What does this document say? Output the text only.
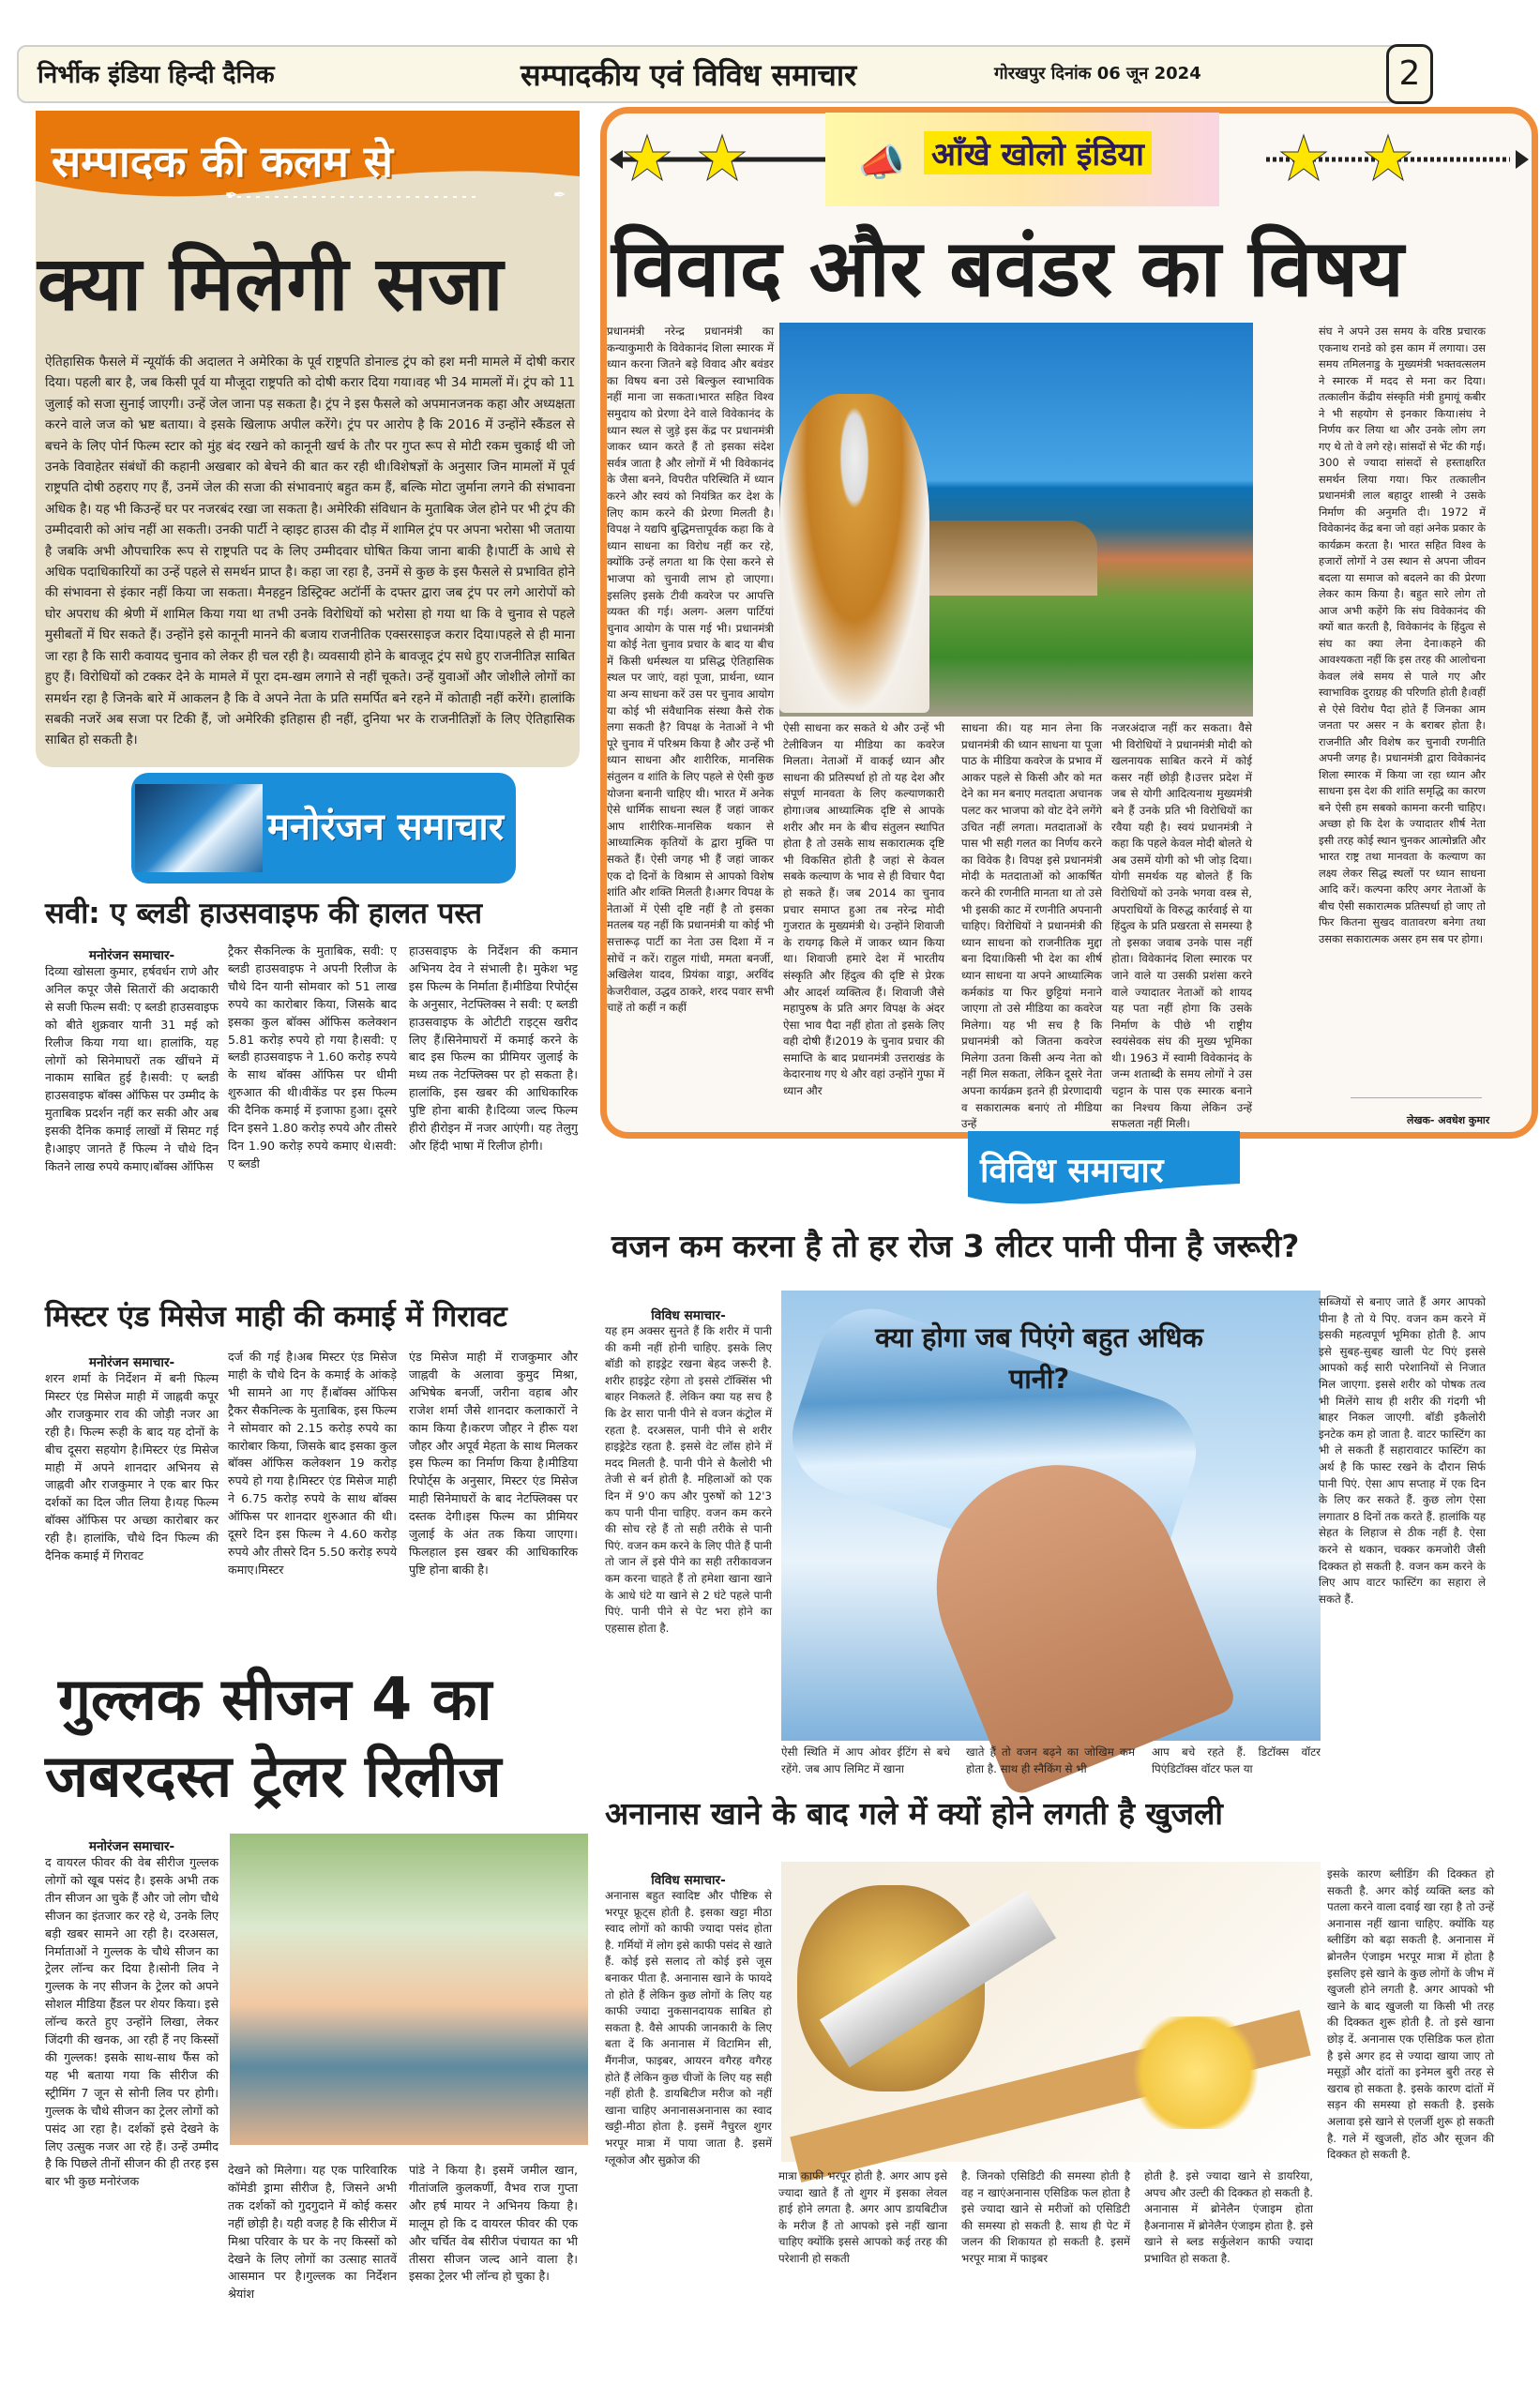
निर्भीक इंडिया हिन्दी दैनिक	सम्पादकीय एवं विविध समाचार	गोरखपुर दिनांक 06 जून 2024	2
✒	✒
सम्पादक की कलम से
क्या मिलेगी सजा
ऐतिहासिक फैसले में न्यूयॉर्क की अदालत ने अमेरिका के पूर्व राष्ट्रपति डोनाल्ड ट्रंप को हश मनी मामले में दोषी करार दिया। पहली बार है, जब किसी पूर्व या मौजूदा राष्ट्रपति को दोषी करार दिया गया।वह भी 34 मामलों में। ट्रंप को 11 जुलाई को सजा सुनाई जाएगी। उन्हें जेल जाना पड़ सकता है। ट्रंप ने इस फैसले को अपमानजनक कहा और अध्यक्षता करने वाले जज को भ्रष्ट बताया। वे इसके खिलाफ अपील करेंगे। ट्रंप पर आरोप है कि 2016 में उन्होंने स्कैंडल से बचने के लिए पोर्न फिल्म स्टार को मुंह बंद रखने को कानूनी खर्च के तौर पर गुप्त रूप से मोटी रकम चुकाई थी जो उनके विवाहेतर संबंधों की कहानी अखबार को बेचने की बात कर रही थी।विशेषज्ञों के अनुसार जिन मामलों में पूर्व राष्ट्रपति दोषी ठहराए गए हैं, उनमें जेल की सजा की संभावनाएं बहुत कम हैं, बल्कि मोटा जुर्माना लगने की संभावना अधिक है। यह भी किउन्हें घर पर नजरबंद रखा जा सकता है। अमेरिकी संविधान के मुताबिक जेल होने पर भी ट्रंप की उम्मीदवारी को आंच नहीं आ सकती। उनकी पार्टी ने व्हाइट हाउस की दौड़ में शामिल ट्रंप पर अपना भरोसा भी जताया है जबकि अभी औपचारिक रूप से राष्ट्रपति पद के लिए उम्मीदवार घोषित किया जाना बाकी है।पार्टी के आधे से अधिक पदाधिकारियों का उन्हें पहले से समर्थन प्राप्त है। कहा जा रहा है, उनमें से कुछ के इस फैसले से प्रभावित होने की संभावना से इंकार नहीं किया जा सकता। मैनहट्टन डिस्ट्रिक्ट अटॉर्नी के दफ्तर द्वारा जब ट्रंप पर लगे आरोपों को घोर अपराध की श्रेणी में शामिल किया गया था तभी उनके विरोधियों को भरोसा हो गया था कि वे चुनाव से पहले मुसीबतों में घिर सकते हैं। उन्होंने इसे कानूनी मानने की बजाय राजनीतिक एक्सरसाइज करार दिया।पहले से ही माना जा रहा है कि सारी कवायद चुनाव को लेकर ही चल रही है। व्यवसायी होने के बावजूद ट्रंप सधे हुए राजनीतिज्ञ साबित हुए हैं। विरोधियों को टक्कर देने के मामले में पूरा दम-खम लगाने से नहीं चूकते। उन्हें युवाओं और जोशीले लोगों का समर्थन रहा है जिनके बारे में आकलन है कि वे अपने नेता के प्रति समर्पित बने रहने में कोताही नहीं करेंगे। हालांकि सबकी नजरें अब सजा पर टिकी हैं, जो अमेरिकी इतिहास ही नहीं, दुनिया भर के राजनीतिज्ञों के लिए ऐतिहासिक साबित हो सकती है।
मनोरंजन समाचार
सवी: ए ब्लडी हाउसवाइफ की हालत पस्त
मनोरंजन समाचार-
दिव्या खोसला कुमार, हर्षवर्धन राणे और अनिल कपूर जैसे सितारों की अदाकारी से सजी फिल्म सवी: ए ब्लडी हाउसवाइफ को बीते शुक्रवार यानी 31 मई को रिलीज किया गया था। हालांकि, यह लोगों को सिनेमाघरों तक खींचने में नाकाम साबित हुई है।सवी: ए ब्लडी हाउसवाइफ बॉक्स ऑफिस पर उम्मीद के मुताबिक प्रदर्शन नहीं कर सकी और अब इसकी दैनिक कमाई लाखों में सिमट गई है।आइए जानते हैं फिल्म ने चौथे दिन कितने लाख रुपये कमाए।बॉक्स ऑफिस
ट्रैकर सैकनिल्क के मुताबिक, सवी: ए ब्लडी हाउसवाइफ ने अपनी रिलीज के चौथे दिन यानी सोमवार को 51 लाख रुपये का कारोबार किया, जिसके बाद इसका कुल बॉक्स ऑफिस कलेक्शन 5.81 करोड़ रुपये हो गया है।सवी: ए ब्लडी हाउसवाइफ ने 1.60 करोड़ रुपये के साथ बॉक्स ऑफिस पर धीमी शुरुआत की थी।वीकेंड पर इस फिल्म की दैनिक कमाई में इजाफा हुआ। दूसरे दिन इसने 1.80 करोड़ रुपये और तीसरे दिन 1.90 करोड़ रुपये कमाए थे।सवी: ए ब्लडी
हाउसवाइफ के निर्देशन की कमान अभिनय देव ने संभाली है। मुकेश भट्ट इस फिल्म के निर्माता हैं।मीडिया रिपोर्ट्स के अनुसार, नेटफ्लिक्स ने सवी: ए ब्लडी हाउसवाइफ के ओटीटी राइट्स खरीद लिए हैं।सिनेमाघरों में कमाई करने के बाद इस फिल्म का प्रीमियर जुलाई के मध्य तक नेटफ्लिक्स पर हो सकता है। हालांकि, इस खबर की आधिकारिक पुष्टि होना बाकी है।दिव्या जल्द फिल्म हीरो हीरोइन में नजर आएंगी। यह तेलुगु और हिंदी भाषा में रिलीज होगी।
मिस्टर एंड मिसेज माही की कमाई में गिरावट
मनोरंजन समाचार-
शरन शर्मा के निर्देशन में बनी फिल्म मिस्टर एंड मिसेज माही में जाह्नवी कपूर और राजकुमार राव की जोड़ी नजर आ रही है। फिल्म रूही के बाद यह दोनों के बीच दूसरा सहयोग है।मिस्टर एंड मिसेज माही में अपने शानदार अभिनय से जाह्नवी और राजकुमार ने एक बार फिर दर्शकों का दिल जीत लिया है।यह फिल्म बॉक्स ऑफिस पर अच्छा कारोबार कर रही है। हालांकि, चौथे दिन फिल्म की दैनिक कमाई में गिरावट
दर्ज की गई है।अब मिस्टर एंड मिसेज माही के चौथे दिन के कमाई के आंकड़े भी सामने आ गए हैं।बॉक्स ऑफिस ट्रैकर सैकनिल्क के मुताबिक, इस फिल्म ने सोमवार को 2.15 करोड़ रुपये का कारोबार किया, जिसके बाद इसका कुल बॉक्स ऑफिस कलेक्शन 19 करोड़ रुपये हो गया है।मिस्टर एंड मिसेज माही ने 6.75 करोड़ रुपये के साथ बॉक्स ऑफिस पर शानदार शुरुआत की थी।दूसरे दिन इस फिल्म ने 4.60 करोड़ रुपये और तीसरे दिन 5.50 करोड़ रुपये कमाए।मिस्टर
एंड मिसेज माही में राजकुमार और जाह्नवी के अलावा कुमुद मिश्रा, अभिषेक बनर्जी, जरीना वहाब और राजेश शर्मा जैसे शानदार कलाकारों ने काम किया है।करण जौहर ने हीरू यश जौहर और अपूर्व मेहता के साथ मिलकर इस फिल्म का निर्माण किया है।मीडिया रिपोर्ट्स के अनुसार, मिस्टर एंड मिसेज माही सिनेमाघरों के बाद नेटफ्लिक्स पर दस्तक देगी।इस फिल्म का प्रीमियर जुलाई के अंत तक किया जाएगा। फिलहाल इस खबर की आधिकारिक पुष्टि होना बाकी है।
गुल्लक सीजन 4 का
जबरदस्त ट्रेलर रिलीज
मनोरंजन समाचार-
द वायरल फीवर की वेब सीरीज गुल्लक लोगों को खूब पसंद है। इसके अभी तक तीन सीजन आ चुके हैं और जो लोग चौथे सीजन का इंतजार कर रहे थे, उनके लिए बड़ी खबर सामने आ रही है। दरअसल, निर्माताओं ने गुल्लक के चौथे सीजन का ट्रेलर लॉन्च कर दिया है।सोनी लिव ने गुल्लक के नए सीजन के ट्रेलर को अपने सोशल मीडिया हैंडल पर शेयर किया। इसे लॉन्च करते हुए उन्होंने लिखा, लेकर जिंदगी की खनक, आ रही हैं नए किस्सों की गुल्लक! इसके साथ-साथ फैंस को यह भी बताया गया कि सीरीज की स्ट्रीमिंग 7 जून से सोनी लिव पर होगी।गुल्लक के चौथे सीजन का ट्रेलर लोगों को पसंद आ रहा है। दर्शकों इसे देखने के लिए उत्सुक नजर आ रहे हैं। उन्हें उम्मीद है कि पिछले तीनों सीजन की ही तरह इस बार भी कुछ मनोरंजक
देखने को मिलेगा। यह एक पारिवारिक कॉमेडी ड्रामा सीरीज है, जिसने अभी तक दर्शकों को गुदगुदाने में कोई कसर नहीं छोड़ी है। यही वजह है कि सीरीज में मिश्रा परिवार के घर के नए किस्सों को देखने के लिए लोगों का उत्साह सातवें आसमान पर है।गुल्लक का निर्देशन श्रेयांश
पांडे ने किया है। इसमें जमील खान, गीतांजलि कुलकर्णी, वैभव राज गुप्ता और हर्ष मायर ने अभिनय किया है। मालूम हो कि द वायरल फीवर की एक और चर्चित वेब सीरीज पंचायत का भी तीसरा सीजन जल्द आने वाला है। इसका ट्रेलर भी लॉन्च हो चुका है।
📣 आँखे खोलो इंडिया
विवाद और बवंडर का विषय
प्रधानमंत्री नरेन्द्र प्रधानमंत्री का कन्याकुमारी के विवेकानंद शिला स्मारक में ध्यान करना जितने बड़े विवाद और बवंडर का विषय बना उसे बिल्कुल स्वाभाविक नहीं माना जा सकता।भारत सहित विश्व समुदाय को प्रेरणा देने वाले विवेकानंद के ध्यान स्थल से जुड़े इस केंद्र पर प्रधानमंत्री जाकर ध्यान करते हैं तो इसका संदेश सर्वत्र जाता है और लोगों में भी विवेकानंद के जैसा बनने, विपरीत परिस्थिति में ध्यान करने और स्वयं को नियंत्रित कर देश के लिए काम करने की प्रेरणा मिलती है।विपक्ष ने यद्यपि बुद्धिमत्तापूर्वक कहा कि वे ध्यान साधना का विरोध नहीं कर रहे, क्योंकि उन्हें लगता था कि ऐसा करने से भाजपा को चुनावी लाभ हो जाएगा। इसलिए इसके टीवी कवरेज पर आपत्ति व्यक्त की गई। अलग- अलग पार्टियां चुनाव आयोग के पास गई भी। प्रधानमंत्री या कोई नेता चुनाव प्रचार के बाद या बीच में किसी धर्मस्थल या प्रसिद्ध ऐतिहासिक स्थल पर जाएं, वहां पूजा, प्रार्थना, ध्यान या अन्य साधना करें उस पर चुनाव आयोग या कोई भी संवैधानिक संस्था कैसे रोक लगा सकती है? विपक्ष के नेताओं ने भी पूरे चुनाव में परिश्रम किया है और उन्हें भी ध्यान साधना और शारीरिक, मानसिक संतुलन व शांति के लिए पहले से ऐसी कुछ योजना बनानी चाहिए थी। भारत में अनेक ऐसे धार्मिक साधना स्थल हैं जहां जाकर आप शारीरिक-मानसिक थकान से आध्यात्मिक कृतियों के द्वारा मुक्ति पा सकते हैं। ऐसी जगह भी हैं जहां जाकर एक दो दिनों के विश्राम से आपको विशेष शांति और शक्ति मिलती है।अगर विपक्ष के नेताओं में ऐसी दृष्टि नहीं है तो इसका मतलब यह नहीं कि प्रधानमंत्री या कोई भी सत्तारूढ़ पार्टी का नेता उस दिशा में न सोचें न करें। राहुल गांधी, ममता बनर्जी, अखिलेश यादव, प्रियंका वाड्रा, अरविंद केजरीवाल, उद्धव ठाकरे, शरद पवार सभी चाहें तो कहीं न कहीं
ऐसी साधना कर सकते थे और उन्हें भी टेलीविजन या मीडिया का कवरेज मिलता। नेताओं में वाकई ध्यान और साधना की प्रतिस्पर्धा हो तो यह देश और संपूर्ण मानवता के लिए कल्याणकारी होगा।जब आध्यात्मिक दृष्टि से आपके शरीर और मन के बीच संतुलन स्थापित होता है तो उसके साथ सकारात्मक दृष्टि भी विकसित होती है जहां से केवल सबके कल्याण के भाव से ही विचार पैदा हो सकते हैं। जब 2014 का चुनाव प्रचार समाप्त हुआ तब नरेन्द्र मोदी गुजरात के मुख्यमंत्री थे। उन्होंने शिवाजी के रायगढ़ किले में जाकर ध्यान किया था। शिवाजी हमारे देश में भारतीय संस्कृति और हिंदुत्व की दृष्टि से प्रेरक और आदर्श व्यक्तित्व हैं। शिवाजी जैसे महापुरुष के प्रति अगर विपक्ष के अंदर ऐसा भाव पैदा नहीं होता तो इसके लिए वही दोषी हैं।2019 के चुनाव प्रचार की समाप्ति के बाद प्रधानमंत्री उत्तराखंड के केदारनाथ गए थे और वहां उन्होंने गुफा में ध्यान और
साधना की। यह मान लेना कि प्रधानमंत्री की ध्यान साधना या पूजा पाठ के मीडिया कवरेज के प्रभाव में आकर पहले से किसी और को मत देने का मन बनाए मतदाता अचानक पलट कर भाजपा को वोट देने लगेंगे उचित नहीं लगता। मतदाताओं के पास भी सही गलत का निर्णय करने का विवेक है। विपक्ष इसे प्रधानमंत्री मोदी के मतदाताओं को आकर्षित करने की रणनीति मानता था तो उसे भी इसकी काट में रणनीति अपनानी चाहिए। विरोधियों ने प्रधानमंत्री की ध्यान साधना को राजनीतिक मुद्दा बना दिया।किसी भी देश का शीर्ष ध्यान साधना या अपने आध्यात्मिक कर्मकांड या फिर छुट्टियां मनाने जाएगा तो उसे मीडिया का कवरेज मिलेगा। यह भी सच है कि प्रधानमंत्री को जितना कवरेज मिलेगा उतना किसी अन्य नेता को नहीं मिल सकता, लेकिन दूसरे नेता अपना कार्यक्रम इतने ही प्रेरणादायी व सकारात्मक बनाएं तो मीडिया उन्हें
नजरअंदाज नहीं कर सकता। वैसे भी विरोधियों ने प्रधानमंत्री मोदी को खलनायक साबित करने में कोई कसर नहीं छोड़ी है।उत्तर प्रदेश में जब से योगी आदित्यनाथ मुख्यमंत्री बने हैं उनके प्रति भी विरोधियों का रवैया यही है। स्वयं प्रधानमंत्री ने कहा कि पहले केवल मोदी बोलते थे अब उसमें योगी को भी जोड़ दिया। योगी समर्थक यह बोलते हैं कि विरोधियों को उनके भगवा वस्त्र से, अपराधियों के विरुद्ध कार्रवाई से या हिंदुत्व के प्रति प्रखरता से समस्या है तो इसका जवाब उनके पास नहीं होता। विवेकानंद शिला स्मारक पर जाने वाले या उसकी प्रशंसा करने वाले ज्यादातर नेताओं को शायद यह पता नहीं होगा कि उसके निर्माण के पीछे भी राष्ट्रीय स्वयंसेवक संघ की मुख्य भूमिका थी। 1963 में स्वामी विवेकानंद के जन्म शताब्दी के समय लोगों ने उस चट्टान के पास एक स्मारक बनाने का निश्चय किया लेकिन उन्हें सफलता नहीं मिली।
संघ ने अपने उस समय के वरिष्ठ प्रचारक एकनाथ रानडे को इस काम में लगाया। उस समय तमिलनाडु के मुख्यमंत्री भक्तवत्सलम ने स्मारक में मदद से मना कर दिया। तत्कालीन केंद्रीय संस्कृति मंत्री हुमायूं कबीर ने भी सहयोग से इनकार किया।संघ ने निर्णय कर लिया था और उनके लोग लग गए थे तो वे लगे रहे। सांसदों से भेंट की गई। 300 से ज्यादा सांसदों से हस्ताक्षरित समर्थन लिया गया। फिर तत्कालीन प्रधानमंत्री लाल बहादुर शास्त्री ने उसके निर्माण की अनुमति दी। 1972 में विवेकानंद केंद्र बना जो वहां अनेक प्रकार के कार्यक्रम करता है। भारत सहित विश्व के हजारों लोगों ने उस स्थान से अपना जीवन बदला या समाज को बदलने का की प्रेरणा लेकर काम किया है। बहुत सारे लोग तो आज अभी कहेंगे कि संघ विवेकानंद की क्यों बात करती है, विवेकानंद के हिंदुत्व से संघ का क्या लेना देना।कहने की आवश्यकता नहीं कि इस तरह की आलोचना केवल लंबे समय से पाले गए और स्वाभाविक दुराग्रह की परिणति होती है।वहीं से ऐसे विरोध पैदा होते हैं जिनका आम जनता पर असर न के बराबर होता है। राजनीति और विशेष कर चुनावी रणनीति अपनी जगह है। प्रधानमंत्री द्वारा विवेकानंद शिला स्मारक में किया जा रहा ध्यान और साधना इस देश की शांति समृद्धि का कारण बने ऐसी हम सबको कामना करनी चाहिए। अच्छा हो कि देश के ज्यादातर शीर्ष नेता इसी तरह कोई स्थान चुनकर आत्मोन्नति और भारत राष्ट्र तथा मानवता के कल्याण का लक्ष्य लेकर सिद्ध स्थलों पर ध्यान साधना आदि करें। कल्पना करिए अगर नेताओं के बीच ऐसी सकारात्मक प्रतिस्पर्धा हो जाए तो फिर कितना सुखद वातावरण बनेगा तथा उसका सकारात्मक असर हम सब पर होगा।
लेखक- अवधेश कुमार
विविध समाचार
वजन कम करना है तो हर रोज 3 लीटर पानी पीना है जरूरी?
विविध समाचार-
यह हम अक्सर सुनते हैं कि शरीर में पानी की कमी नहीं होनी चाहिए. इसके लिए बॉडी को हाइड्रेट रखना बेहद जरूरी है. शरीर हाइड्रेट रहेगा तो इससे टॉक्सिंस भी बाहर निकलते हैं. लेकिन क्या यह सच है कि ढेर सारा पानी पीने से वजन कंट्रोल में रहता है. दरअसल, पानी पीने से शरीर हाइड्रेटेड रहता है. इससे वेट लॉस होने में मदद मिलती है. पानी पीने से कैलोरी भी तेजी से बर्न होती है. महिलाओं को एक दिन में 9'0 कप और पुरुषों को 12'3 कप पानी पीना चाहिए. वजन कम करने की सोच रहे हैं तो सही तरीके से पानी पिएं. वजन कम करने के लिए पीते हैं पानी तो जान लें इसे पीने का सही तरीकावजन कम करना चाहते हैं तो हमेशा खाना खाने के आधे घंटे या खाने से 2 घंटे पहले पानी पिएं. पानी पीने से पेट भरा होने का एहसास होता है.
क्या होगा जब पिएंगे बहुत अधिक पानी?
ऐसी स्थिति में आप ओवर ईटिंग से बचे रहेंगे. जब आप लिमिट में खाना
खाते हैं तो वजन बढ़ने का जोखिम कम होता है. साथ ही स्नैकिंग से भी
आप बचे रहते हैं. डिटॉक्स वॉटर पिएंडिटॉक्स वॉटर फल या
सब्जियों से बनाए जाते हैं अगर आपको पीना है तो ये पिए. वजन कम करने में इसकी महत्वपूर्ण भूमिका होती है. आप इसे सुबह-सुबह खाली पेट पिएं इससे आपको कई सारी परेशानियों से निजात मिल जाएगा. इससे शरीर को पोषक तत्व भी मिलेंगे साथ ही शरीर की गंदगी भी बाहर निकल जाएगी. बॉडी इकैलोरी इनटेक कम हो जाता है. वाटर फास्टिंग का भी ले सकती हैं सहारावाटर फास्टिंग का अर्थ है कि फास्ट रखने के दौरान सिर्फ पानी पिएं. ऐसा आप सप्ताह में एक दिन के लिए कर सकते हैं. कुछ लोग ऐसा लगातार 8 दिनों तक करते हैं. हालांकि यह सेहत के लिहाज से ठीक नहीं है. ऐसा करने से थकान, चक्कर कमजोरी जैसी दिक्कत हो सकती है. वजन कम करने के लिए आप वाटर फास्टिंग का सहारा ले सकते हैं.
अनानास खाने के बाद गले में क्यों होने लगती है खुजली
विविध समाचार-
अनानास बहुत स्वादिष्ट और पौष्टिक से भरपूर फ्रूट्स होती है. इसका खट्टा मीठा स्वाद लोगों को काफी ज्यादा पसंद होता है. गर्मियों में लोग इसे काफी पसंद से खाते हैं. कोई इसे सलाद तो कोई इसे जूस बनाकर पीता है. अनानास खाने के फायदे तो होते हैं लेकिन कुछ लोगों के लिए यह काफी ज्यादा नुकसानदायक साबित हो सकता है. वैसे आपकी जानकारी के लिए बता दें कि अनानास में विटामिन सी, मैंगनीज, फाइबर, आयरन वगैरह वगैरह होते हैं लेकिन कुछ चीजों के लिए यह सही नहीं होती है. डायबिटीज मरीज को नहीं खाना चाहिए अनानासअनानास का स्वाद खट्टी-मीठा होता है. इसमें नैचुरल शुगर भरपूर मात्रा में पाया जाता है. इसमें ग्लूकोज और सुक्रोज की
मात्रा काफी भरपूर होती है. अगर आप इसे ज्यादा खाते हैं तो शुगर में इसका लेवल हाई होने लगता है. अगर आप डायबिटीज के मरीज हैं तो आपको इसे नहीं खाना चाहिए क्योंकि इससे आपको कई तरह की परेशानी हो सकती
है. जिनको एसिडिटी की समस्या होती है वह न खाएंअनानास एसिडिक फल होता है इसे ज्यादा खाने से मरीजों को एसिडिटी की समस्या हो सकती है. साथ ही पेट में जलन की शिकायत हो सकती है. इसमें भरपूर मात्रा में फाइबर
होती है. इसे ज्यादा खाने से डायरिया, अपच और उल्टी की दिक्कत हो सकती है. अनानास में ब्रोनेलैन एंजाइम होता हैअनानास में ब्रोनेलैन एंजाइम होता है. इसे खाने से ब्लड सर्कुलेशन काफी ज्यादा प्रभावित हो सकता है.
इसके कारण ब्लीडिंग की दिक्कत हो सकती है. अगर कोई व्यक्ति ब्लड को पतला करने वाला दवाई खा रहा है तो उन्हें अनानास नहीं खाना चाहिए. क्योंकि यह ब्लीडिंग को बढ़ा सकती है. अनानास में ब्रोनलैन एंजाइम भरपूर मात्रा में होता है इसलिए इसे खाने के कुछ लोगों के जीभ में खुजली होने लगती है. अगर आपको भी खाने के बाद खुजली या किसी भी तरह की दिक्कत शुरू होती है. तो इसे खाना छोड़ दें. अनानास एक एसिडिक फल होता है इसे अगर हद से ज्यादा खाया जाए तो मसूड़ों और दांतों का इनेमल बुरी तरह से खराब हो सकता है. इसके कारण दांतों में सड़न की समस्या हो सकती है. इसके अलावा इसे खाने से एलर्जी शुरू हो सकती है. गले में खुजली, होंठ और सूजन की दिक्कत हो सकती है.
